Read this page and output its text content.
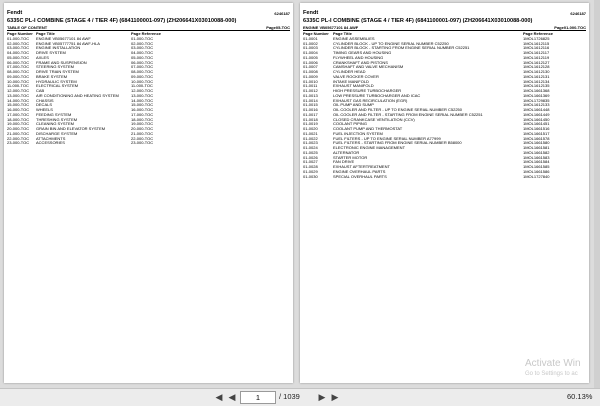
Fendt	6246187
6335C PL-I COMBINE (STAGE 4 / TIER 4F) (6841100001-097) (ZH206641X03010088-000)
TABLE OF CONTENT	Page05-TOC
Page Number	Page Title	Page Reference
01-000-TOC	ENGINE VB05677101 84 AWF	01-000-TOC
02-000-TOC	ENGINE VB05777751 84 AWF-HLA	02-000-TOC
03-000-TOC	ENGINE INSTALLATION	03-000-TOC
04-000-TOC	DRIVE SYSTEM	04-000-TOC
05-000-TOC	AXLES	05-000-TOC
06-000-TOC	FRAME AND SUSPENSION	06-000-TOC
07-000-TOC	STEERING SYSTEM	07-000-TOC
08-000-TOC	DRIVE TRAIN SYSTEM	08-000-TOC
09-000-TOC	BRAKE SYSTEM	09-000-TOC
10-000-TOC	HYDRAULIC SYSTEM	10-000-TOC
11-000-TOC	ELECTRICAL SYSTEM	11-000-TOC
12-000-TOC	CAB	12-000-TOC
13-000-TOC	AIR CONDITIONING AND HEATING SYSTEM	13-000-TOC
14-000-TOC	CHASSIS	14-000-TOC
15-000-TOC	DECALS	15-000-TOC
16-000-TOC	WHEELS	16-000-TOC
17-000-TOC	FEEDING SYSTEM	17-000-TOC
18-000-TOC	THRESHING SYSTEM	18-000-TOC
19-000-TOC	CLEANING SYSTEM	19-000-TOC
20-000-TOC	GRAIN BIN AND ELEVATOR SYSTEM	20-000-TOC
21-000-TOC	DISCHARGE SYSTEM	21-000-TOC
22-000-TOC	ATTACHMENTS	22-000-TOC
23-000-TOC	ACCESSORIES	23-000-TOC
Fendt	6246187
6335C PL-I COMBINE (STAGE 4 / TIER 4F) (6841100001-097) (ZH206641X03010088-000)
ENGINE VB05677101 84 AWF	Page01-000-TOC
Page Number	Page Title	Page Reference
01-0001	ENGINE ASSEMBLIES	1MOL1726825
01-0002	CYLINDER BLOCK - UP TO ENGINE SERIAL NUMBER C52250	1MOL1612115
01-0003	CYLINDER BLOCK - STARTING FROM ENGINE SERIAL NUMBER C52251	1MOL1612116
01-0004	TIMING GEARS AND HOUSING	1MOL1612117
01-0005	FLYWHEEL AND HOUSING	1MOL1612119
01-0006	CRANKSHAFT AND PISTONS	1MOL1612127
01-0007	CAMSHAFT AND VALVE MECHANISM	1MOL1612128
01-0008	CYLINDER HEAD	1MOL1612130
01-0009	VALVE ROCKER COVER	1MOL1612131
01-0010	INTAKE MANIFOLD	1MOL1612134
01-0011	EXHAUST MANIFOLD	1MOL1612135
01-0012	HIGH PRESSURE TURBOCHARGER	1MOL1661368
01-0013	LOW PRESSURE TURBOCHARGER AND ICAC	1MOL1661369
01-0014	EXHAUST GAS RECIRCULATION (EGR)	1MOL1729835
01-0015	OIL PUMP AND SUMP	1MOL1612133
01-0016	OIL COOLER AND FILTER - UP TO ENGINE SERIAL NUMBER C52250	1MOL1661448
01-0017	OIL COOLER AND FILTER - STARTING FROM ENGINE SERIAL NUMBER C52251	1MOL1661449
01-0018	CLOSED CRANKCASE VENTILATION (CCV)	1MOL1661450
01-0019	COOLANT PIPING	1MOL1661451
01-0020	COOLANT PUMP AND THERMOSTAT	1MOL1661516
01-0021	FUEL INJECTION SYSTEM	1MOL1661517
01-0022	FUEL FILTERS - UP TO ENGINE SERIAL NUMBER A77999	1MOL1661578
01-0023	FUEL FILTERS - STARTING FROM ENGINE SERIAL NUMBER B58000	1MOL1661580
01-0024	ELECTRONIC ENGINE MANAGEMENT	1MOL1661581
01-0025	ALTERNATOR	1MOL1661582
01-0026	STARTER MOTOR	1MOL1661583
01-0027	FAN DRIVE	1MOL1661584
01-0028	EXHAUST AFTERTREATMENT	1MOL1661585
01-0029	ENGINE OVERHAUL PARTS	1MOL1661586
01-0030	SPECIAL OVERHAUL PARTS	1MOL1727840
Activate Win
Go to Settings to ac
◀ ◀	1	/ 1039 ▶ ▶	60.13%
